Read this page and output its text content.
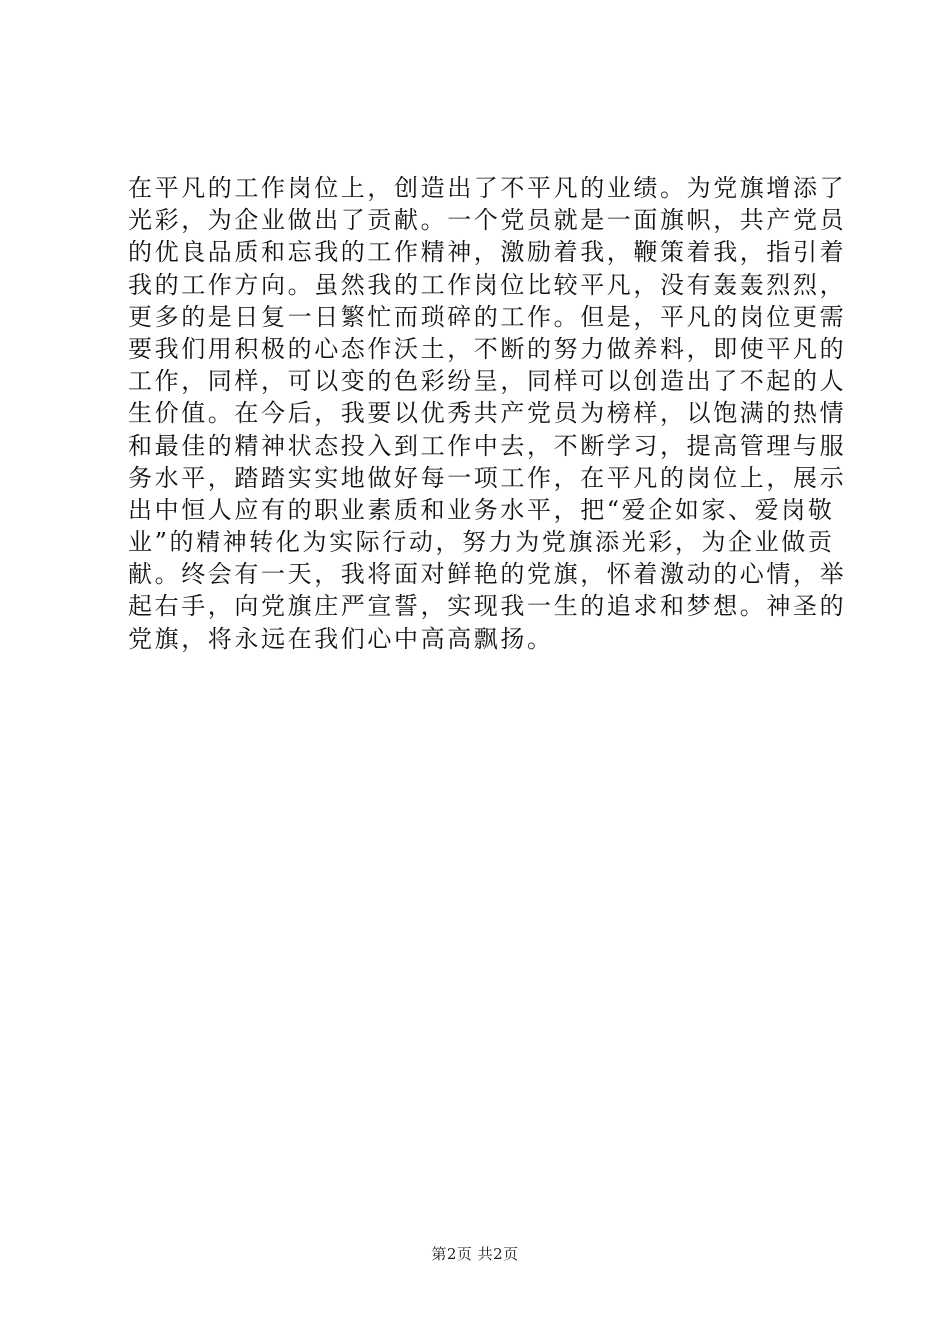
在平凡的工作岗位上，创造出了不平凡的业绩。为党旗增添了
光彩，为企业做出了贡献。一个党员就是一面旗帜，共产党员
的优良品质和忘我的工作精神，激励着我，鞭策着我，指引着
我的工作方向。虽然我的工作岗位比较平凡，没有轰轰烈烈，
更多的是日复一日繁忙而琐碎的工作。但是，平凡的岗位更需
要我们用积极的心态作沃土，不断的努力做养料，即使平凡的
工作，同样，可以变的色彩纷呈，同样可以创造出了不起的人
生价值。在今后，我要以优秀共产党员为榜样，以饱满的热情
和最佳的精神状态投入到工作中去，不断学习，提高管理与服
务水平，踏踏实实地做好每一项工作，在平凡的岗位上，展示
出中恒人应有的职业素质和业务水平，把“爱企如家、爱岗敬
业”的精神转化为实际行动，努力为党旗添光彩，为企业做贡
献。终会有一天，我将面对鲜艳的党旗，怀着激动的心情，举
起右手，向党旗庄严宣誓，实现我一生的追求和梦想。神圣的
党旗，将永远在我们心中高高飘扬。
第2页 共2页
